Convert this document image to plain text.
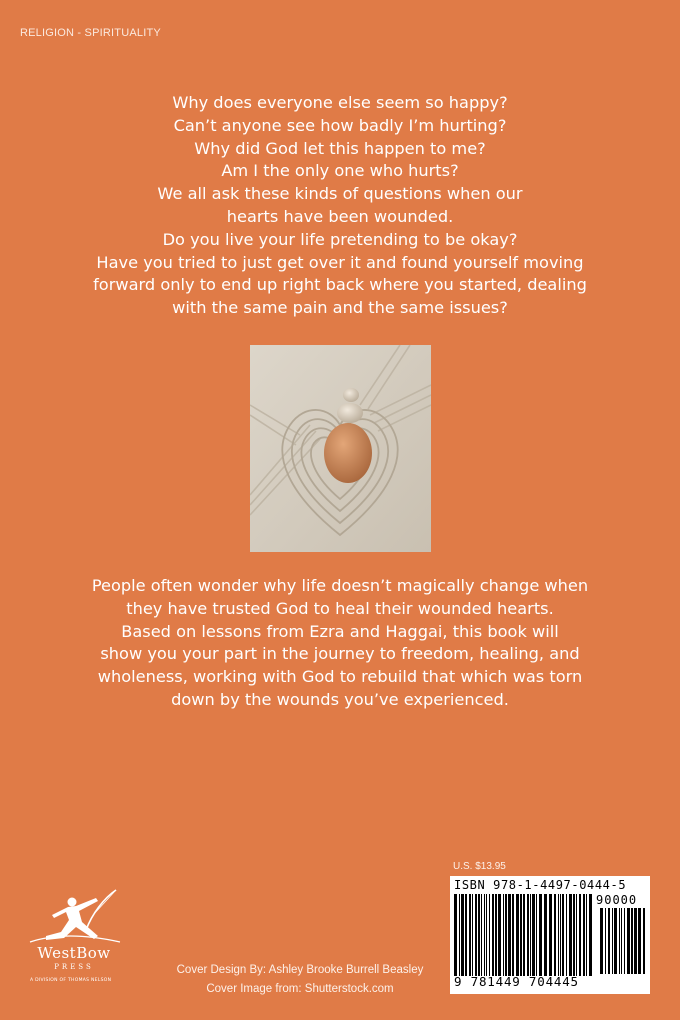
RELIGION - SPIRITUALITY
Why does everyone else seem so happy?
Can’t anyone see how badly I’m hurting?
Why did God let this happen to me?
Am I the only one who hurts?
We all ask these kinds of questions when our
hearts have been wounded.
Do you live your life pretending to be okay?
Have you tried to just get over it and found yourself moving
forward only to end up right back where you started, dealing
with the same pain and the same issues?
People often wonder why life doesn’t magically change when
they have trusted God to heal their wounded hearts.
Based on lessons from Ezra and Haggai, this book will
show you your part in the journey to freedom, healing, and
wholeness, working with God to rebuild that which was torn
down by the wounds you’ve experienced.
WestBow
PRESS
A DIVISION OF THOMAS NELSON
Cover Design By: Ashley Brooke Burrell Beasley
Cover Image from: Shutterstock.com
U.S. $13.95
ISBN 978-1-4497-0444-5
90000
9 781449 704445
